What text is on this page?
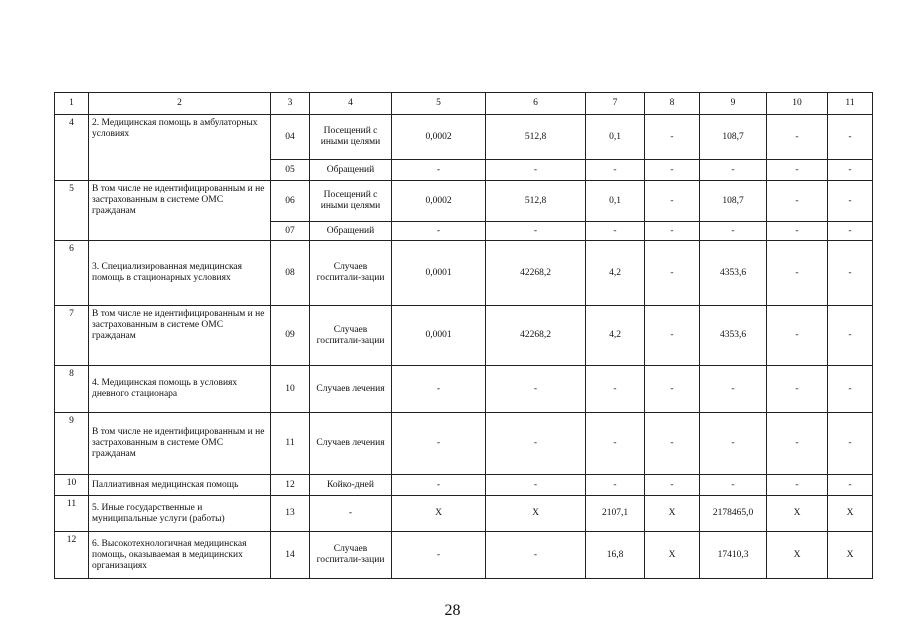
1	2	3	4	5	6	7	8	9	10	11
4	2. Медицинская помощь в амбулаторных условиях	04	Посещений с иными целями	0,0002	512,8	0,1	-	108,7	-	-
		05	Обращений	-	-	-	-	-	-	-
5	В том числе не идентифицированным и не застрахованным в системе ОМС гражданам	06	Посещений с иными целями	0,0002	512,8	0,1	-	108,7	-	-
		07	Обращений	-	-	-	-	-	-	-
6	3. Специализированная медицинская помощь в стационарных условиях	08	Случаев госпитали-зации	0,0001	42268,2	4,2	-	4353,6	-	-
7	В том числе не идентифицированным и не застрахованным в системе ОМС гражданам	09	Случаев госпитали-зации	0,0001	42268,2	4,2	-	4353,6	-	-
8	4. Медицинская помощь в условиях дневного стационара	10	Случаев лечения	-	-	-	-	-	-	-
9	В том числе не идентифицированным и не застрахованным в системе ОМС гражданам	11	Случаев лечения	-	-	-	-	-	-	-
10	Паллиативная медицинская помощь	12	Койко-дней	-	-	-	-	-	-	-
11	5. Иные государственные и муниципальные услуги (работы)	13	-	X	X	2107,1	X	2178465,0	X	X
12	6. Высокотехнологичная медицинская помощь, оказываемая в медицинских организациях	14	Случаев госпитали-зации	-	-	16,8	X	17410,3	X	X
28
